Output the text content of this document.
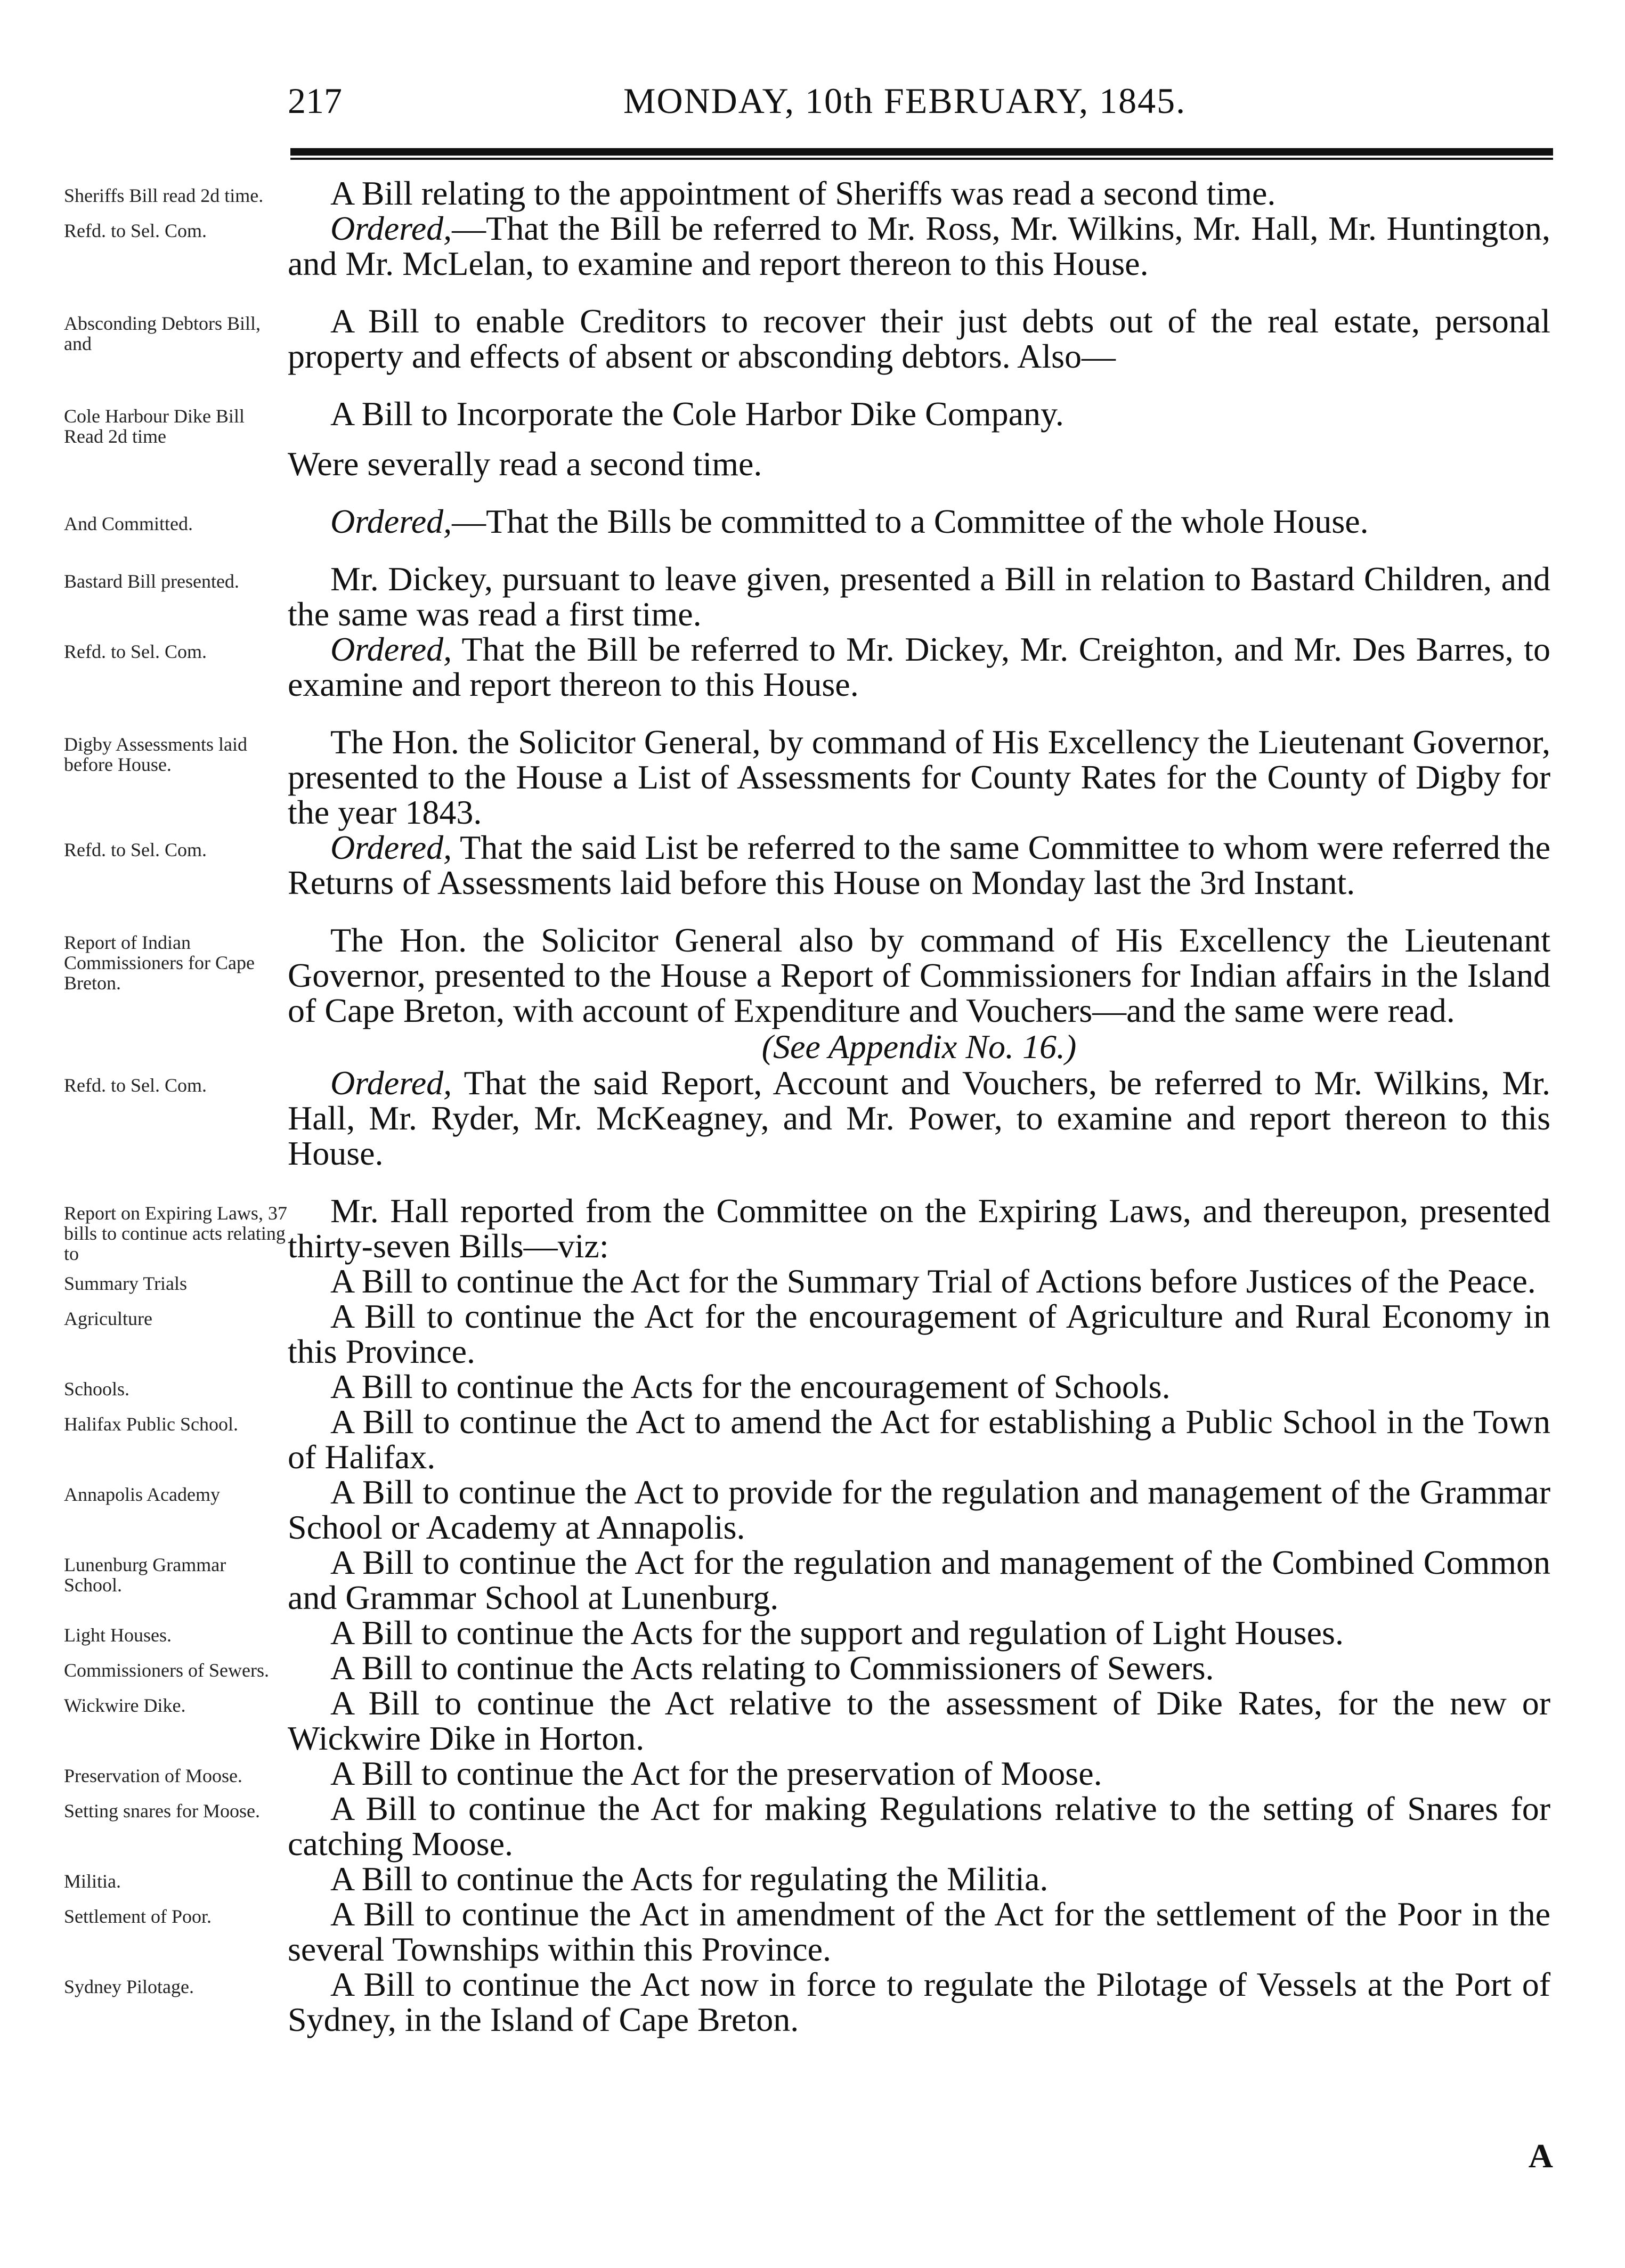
217	MONDAY, 10th FEBRUARY, 1845.
Sheriffs Bill read 2d time.	A Bill relating to the appointment of Sheriffs was read a second time.
Refd. to Sel. Com.	Ordered,—That the Bill be referred to Mr. Ross, Mr. Wilkins, Mr. Hall, Mr. Huntington, and Mr. McLelan, to examine and report thereon to this House.
Absconding Debtors Bill, and
A Bill to enable Creditors to recover their just debts out of the real estate, personal property and effects of absent or absconding debtors. Also—
Cole Harbour Dike Bill Read 2d time
A Bill to Incorporate the Cole Harbor Dike Company.
Were severally read a second time.
And Committed.	Ordered,—That the Bills be committed to a Committee of the whole House.
Bastard Bill presented.	Mr. Dickey, pursuant to leave given, presented a Bill in relation to Bastard Children, and the same was read a first time.
Refd. to Sel. Com.	Ordered, That the Bill be referred to Mr. Dickey, Mr. Creighton, and Mr. Des Barres, to examine and report thereon to this House.
Digby Assessments laid before House.
The Hon. the Solicitor General, by command of His Excellency the Lieutenant Governor, presented to the House a List of Assessments for County Rates for the County of Digby for the year 1843.
Refd. to Sel. Com.	Ordered, That the said List be referred to the same Committee to whom were referred the Returns of Assessments laid before this House on Monday last the 3rd Instant.
Report of Indian Commissioners for Cape Breton.
The Hon. the Solicitor General also by command of His Excellency the Lieutenant Governor, presented to the House a Report of Commissioners for Indian affairs in the Island of Cape Breton, with account of Expenditure and Vouchers—and the same were read.
(See Appendix No. 16.)
Refd. to Sel. Com.	Ordered, That the said Report, Account and Vouchers, be referred to Mr. Wilkins, Mr. Hall, Mr. Ryder, Mr. McKeagney, and Mr. Power, to examine and report thereon to this House.
Report on Expiring Laws, 37 bills to continue acts relating to
Mr. Hall reported from the Committee on the Expiring Laws, and thereupon, presented thirty-seven Bills—viz:
Summary Trials	A Bill to continue the Act for the Summary Trial of Actions before Justices of the Peace.
Agriculture	A Bill to continue the Act for the encouragement of Agriculture and Rural Economy in this Province.
Schools.	A Bill to continue the Acts for the encouragement of Schools.
Halifax Public School.	A Bill to continue the Act to amend the Act for establishing a Public School in the Town of Halifax.
Annapolis Academy	A Bill to continue the Act to provide for the regulation and management of the Grammar School or Academy at Annapolis.
Lunenburg Grammar School.
A Bill to continue the Act for the regulation and management of the Combined Common and Grammar School at Lunenburg.
Light Houses.	A Bill to continue the Acts for the support and regulation of Light Houses.
Commissioners of Sewers.	A Bill to continue the Acts relating to Commissioners of Sewers.
Wickwire Dike.	A Bill to continue the Act relative to the assessment of Dike Rates, for the new or Wickwire Dike in Horton.
Preservation of Moose.	A Bill to continue the Act for the preservation of Moose.
Setting snares for Moose.	A Bill to continue the Act for making Regulations relative to the setting of Snares for catching Moose.
Militia.	A Bill to continue the Acts for regulating the Militia.
Settlement of Poor.	A Bill to continue the Act in amendment of the Act for the settlement of the Poor in the several Townships within this Province.
Sydney Pilotage.	A Bill to continue the Act now in force to regulate the Pilotage of Vessels at the Port of Sydney, in the Island of Cape Breton.
A
